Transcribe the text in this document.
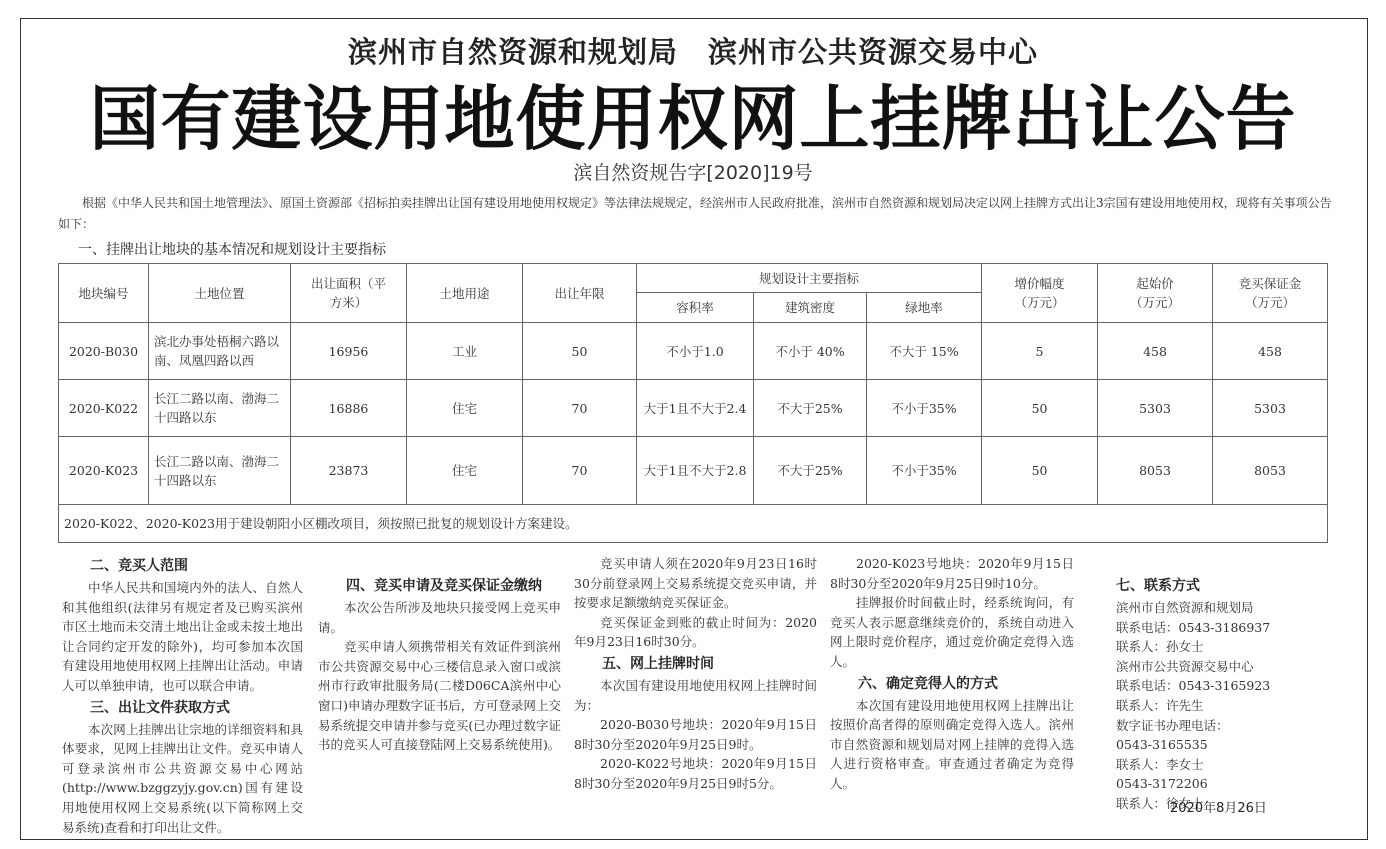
滨州市自然资源和规划局　滨州市公共资源交易中心
国有建设用地使用权网上挂牌出让公告
滨自然资规告字[2020]19号
根据《中华人民共和国土地管理法》、原国土资源部《招标拍卖挂牌出让国有建设用地使用权规定》等法律法规规定，经滨州市人民政府批准，滨州市自然资源和规划局决定以网上挂牌方式出让3宗国有建设用地使用权，现将有关事项公告如下：
一、挂牌出让地块的基本情况和规划设计主要指标
地块编号	土地位置	出让面积（平方米）	土地用途	出让年限	规划设计主要指标			增价幅度（万元）	起始价（万元）	竞买保证金（万元）
					容积率	建筑密度	绿地率			
2020-B030	滨北办事处梧桐六路以南、凤凰四路以西	16956	工业	50	不小于1.0	不小于 40%	不大于 15%	5	458	458
2020-K022	长江二路以南、渤海二十四路以东	16886	住宅	70	大于1且不大于2.4	不大于25%	不小于35%	50	5303	5303
2020-K023	长江二路以南、渤海二十四路以东	23873	住宅	70	大于1且不大于2.8	不大于25%	不小于35%	50	8053	8053
2020-K022、2020-K023用于建设朝阳小区棚改项目，须按照已批复的规划设计方案建设。										

二、竞买人范围

中华人民共和国境内外的法人、自然人和其他组织(法律另有规定者及已购买滨州市区土地而未交清土地出让金或未按土地出让合同约定开发的除外)，均可参加本次国有建设用地使用权网上挂牌出让活动。申请人可以单独申请，也可以联合申请。

三、出让文件获取方式

本次网上挂牌出让宗地的详细资料和具体要求，见网上挂牌出让文件。竞买申请人可登录滨州市公共资源交易中心网站(http://www.bzggzyjy.gov.cn)国有建设用地使用权网上交易系统(以下简称网上交易系统)查看和打印出让文件。

四、竞买申请及竞买保证金缴纳

本次公告所涉及地块只接受网上竞买申请。

竞买申请人须携带相关有效证件到滨州市公共资源交易中心三楼信息录入窗口或滨州市行政审批服务局(二楼D06CA滨州中心窗口)申请办理数字证书后，方可登录网上交易系统提交申请并参与竞买(已办理过数字证书的竞买人可直接登陆网上交易系统使用)。

竞买申请人须在2020年9月23日16时30分前登录网上交易系统提交竞买申请，并按要求足额缴纳竞买保证金。

竞买保证金到账的截止时间为：2020年9月23日16时30分。

五、网上挂牌时间

本次国有建设用地使用权网上挂牌时间为：

2020-B030号地块：2020年9月15日8时30分至2020年9月25日9时。

2020-K022号地块：2020年9月15日8时30分至2020年9月25日9时5分。

2020-K023号地块：2020年9月15日8时30分至2020年9月25日9时10分。

挂牌报价时间截止时，经系统询问，有竞买人表示愿意继续竞价的，系统自动进入网上限时竞价程序，通过竞价确定竞得入选人。

六、确定竞得人的方式

本次国有建设用地使用权网上挂牌出让按照价高者得的原则确定竞得入选人。滨州市自然资源和规划局对网上挂牌的竞得入选人进行资格审查。审查通过者确定为竞得人。

七、联系方式

滨州市自然资源和规划局

联系电话：0543-3186937

联系人：孙女士

滨州市公共资源交易中心

联系电话：0543-3165923

联系人：许先生

数字证书办理电话：

0543-3165535

联系人：李女士

0543-3172206

联系人：徐女士

2020年8月26日
